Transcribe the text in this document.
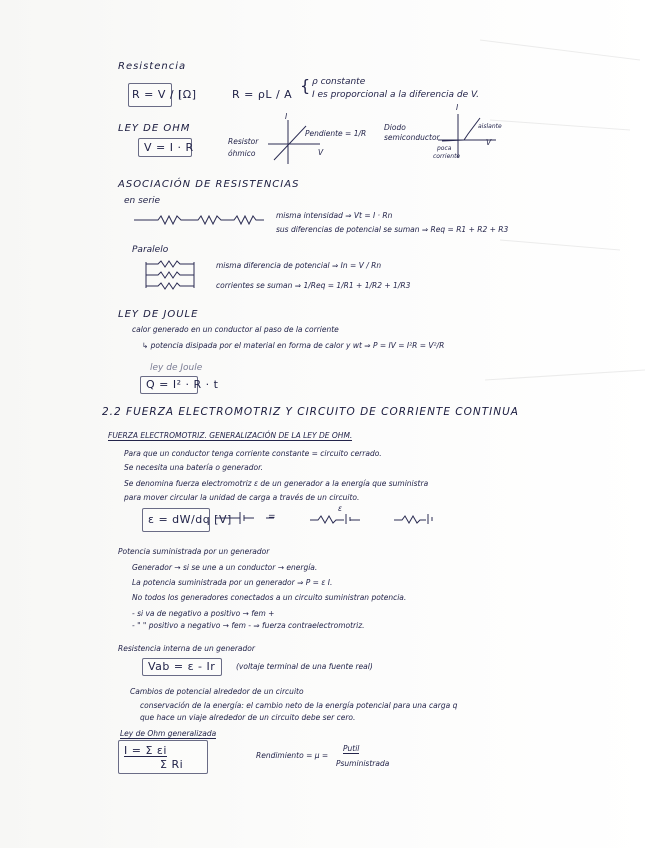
Resistencia
R = V / I
[Ω]	R = ρL / A { ρ constante
I es proporcional a la diferencia de V.
LEY DE OHM
V = I · R	Resistor
óhmico
I
V
Pendiente = 1/R
Diodo
semiconductor
I
V
aislante
poca
corriente
ASOCIACIÓN DE RESISTENCIAS
en serie
misma intensidad ⇒ Vt = I · Rn
sus diferencias de potencial se suman ⇒ Req = R1 + R2 + R3
Paralelo
misma diferencia de potencial ⇒ In = V / Rn
corrientes se suman ⇒ 1/Req = 1/R1 + 1/R2 + 1/R3
LEY DE JOULE
calor generado en un conductor al paso de la corriente
↳ potencia disipada por el material en forma de calor y wt ⇒ P = IV = I²R = V²/R
ley de Joule
Q = I² · R · t
2.2 FUERZA ELECTROMOTRIZ Y CIRCUITO DE CORRIENTE CONTINUA
FUERZA ELECTROMOTRIZ. GENERALIZACIÓN DE LA LEY DE OHM.
Para que un conductor tenga corriente constante = circuito cerrado.
Se necesita una batería o generador.
Se denomina fuerza electromotriz ε de un generador a la energía que suministra
para mover circular la unidad de carga a través de un circuito.
ε = dW/dq [V]	=
ε
Potencia suministrada por un generador
Generador → si se une a un conductor → energía.
La potencia suministrada por un generador ⇒ P = ε I.
No todos los generadores conectados a un circuito suministran potencia.
- si va de negativo a positivo → fem +
- " " positivo a negativo → fem - ⇒ fuerza contraelectromotriz.
Resistencia interna de un generador
Vab = ε - Ir	(voltaje terminal de una fuente real)
Cambios de potencial alrededor de un circuito
conservación de la energía: el cambio neto de la energía potencial para una carga q
que hace un viaje alrededor de un circuito debe ser cero.
Ley de Ohm generalizada
I = Σ εi
Σ Ri
Rendimiento = μ =
Putil
Psuministrada
